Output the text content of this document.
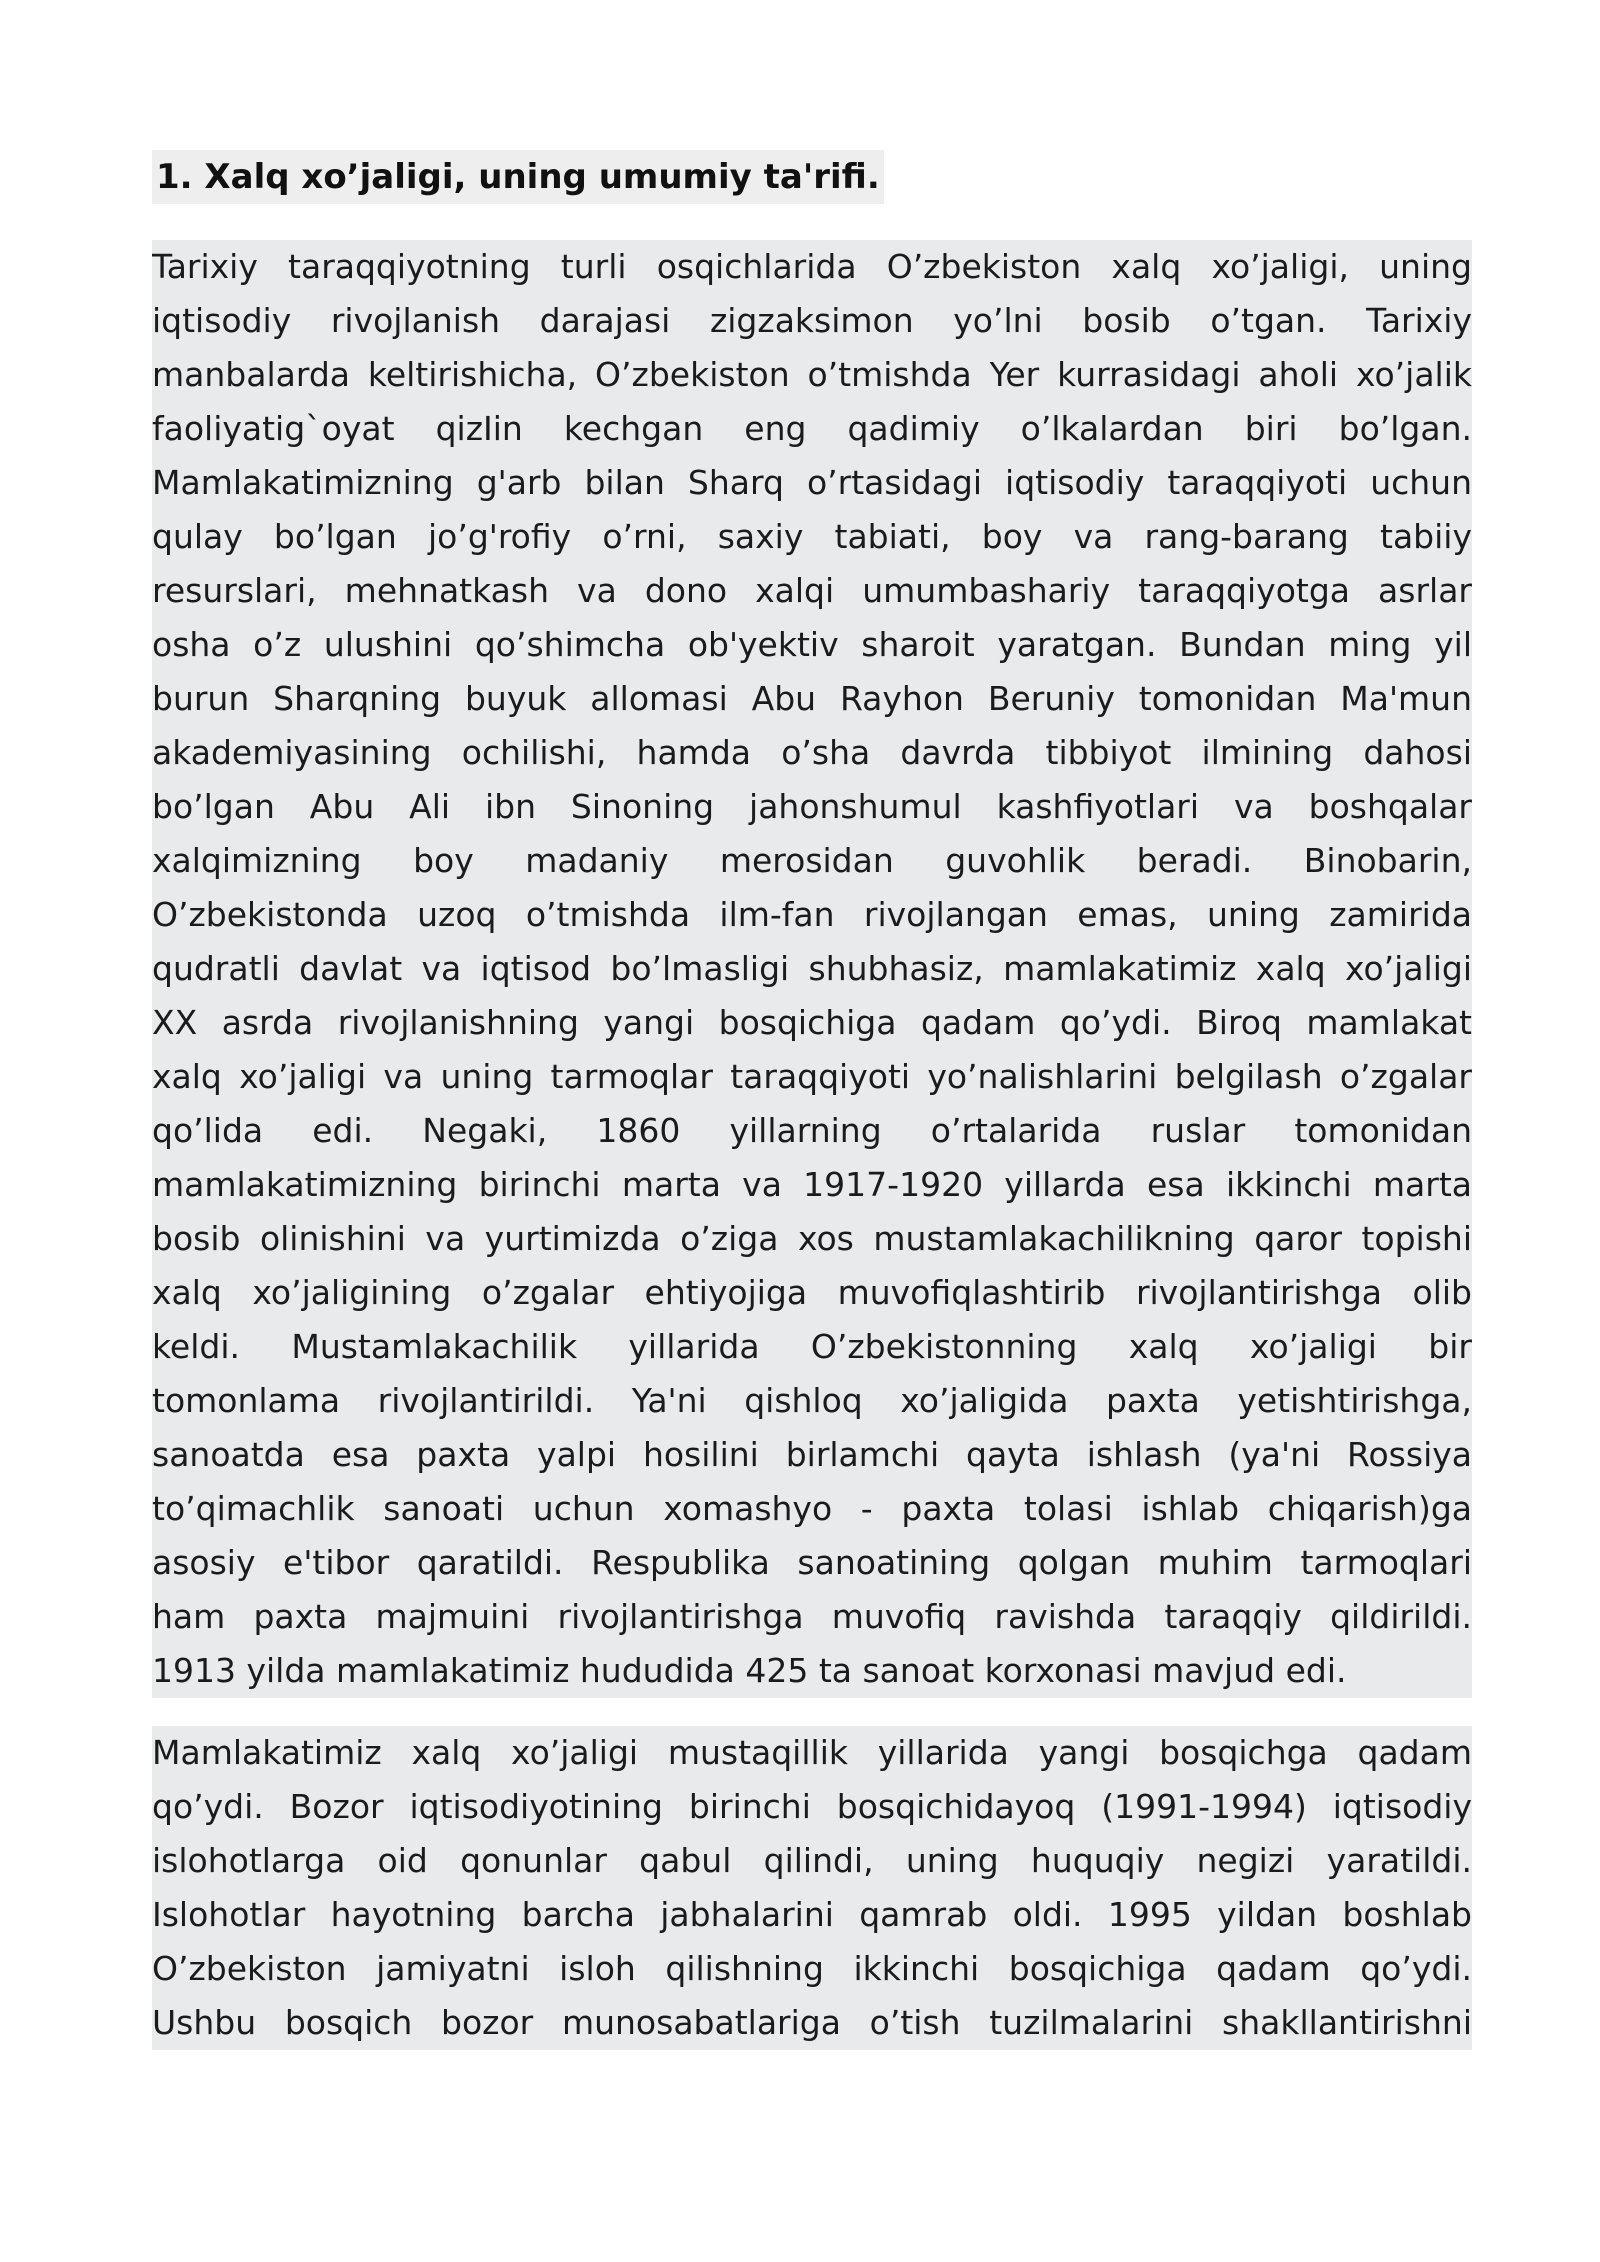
1. Xalq xo’jaligi, uning umumiy ta'rifi.
Tarixiy taraqqiyotning turli osqichlarida O’zbekiston xalq xo’jaligi, uning
iqtisodiy rivojlanish darajasi zigzaksimon yo’lni bosib o’tgan. Tarixiy
manbalarda keltirishicha, O’zbekiston o’tmishda Yer kurrasidagi aholi xo’jalik
faoliyatig`oyat qizIin kechgan eng qadimiy o’lkalardan biri bo’lgan.
Mamlakatimizning g'arb bilan Sharq o’rtasidagi iqtisodiy taraqqiyoti uchun
qulay bo’lgan jo’g'rofiy o’rni, saxiy tabiati, boy va rang-barang tabiiy
resurslari, mehnatkash va dono xalqi umumbashariy taraqqiyotga asrlar
osha o’z ulushini qo’shimcha ob'yektiv sharoit yaratgan. Bundan ming yil
burun Sharqning buyuk allomasi Abu Rayhon Beruniy tomonidan Ma'mun
akademiyasining ochilishi, hamda o’sha davrda tibbiyot ilmining dahosi
bo’lgan Abu Ali ibn Sinoning jahonshumul kashfiyotlari va boshqalar
xalqimizning boy madaniy merosidan guvohlik beradi. Binobarin,
O’zbekistonda uzoq o’tmishda ilm-fan rivojlangan emas, uning zamirida
qudratli davlat va iqtisod bo’lmasligi shubhasiz, mamlakatimiz xalq xo’jaligi
XX asrda rivojlanishning yangi bosqichiga qadam qo’ydi. Biroq mamlakat
xalq xo’jaligi va uning tarmoqlar taraqqiyoti yo’nalishlarini belgilash o’zgalar
qo’lida edi. Negaki, 1860 yillarning o’rtalarida ruslar tomonidan
mamlakatimizning birinchi marta va 1917-1920 yillarda esa ikkinchi marta
bosib olinishini va yurtimizda o’ziga xos mustamlakachilikning qaror topishi
xalq xo’jaligining o’zgalar ehtiyojiga muvofiqlashtirib rivojlantirishga olib
keldi. Mustamlakachilik yillarida O’zbekistonning xalq xo’jaligi bir
tomonlama rivojlantirildi. Ya'ni qishloq xo’jaligida paxta yetishtirishga,
sanoatda esa paxta yalpi hosilini birlamchi qayta ishlash (ya'ni Rossiya
to’qimachlik sanoati uchun xomashyo - paxta tolasi ishlab chiqarish)ga
asosiy e'tibor qaratildi. Respublika sanoatining qolgan muhim tarmoqlari
ham paxta majmuini rivojlantirishga muvofiq ravishda taraqqiy qildirildi.
1913 yilda mamlakatimiz hududida 425 ta sanoat korxonasi mavjud edi.
Mamlakatimiz xalq xo’jaligi mustaqillik yillarida yangi bosqichga qadam
qo’ydi. Bozor iqtisodiyotining birinchi bosqichidayoq (1991-1994) iqtisodiy
islohotlarga oid qonunlar qabul qilindi, uning huquqiy negizi yaratildi.
Islohotlar hayotning barcha jabhalarini qamrab oldi. 1995 yildan boshlab
O’zbekiston jamiyatni isloh qilishning ikkinchi bosqichiga qadam qo’ydi.
Ushbu bosqich bozor munosabatlariga o’tish tuzilmalarini shakllantirishni
